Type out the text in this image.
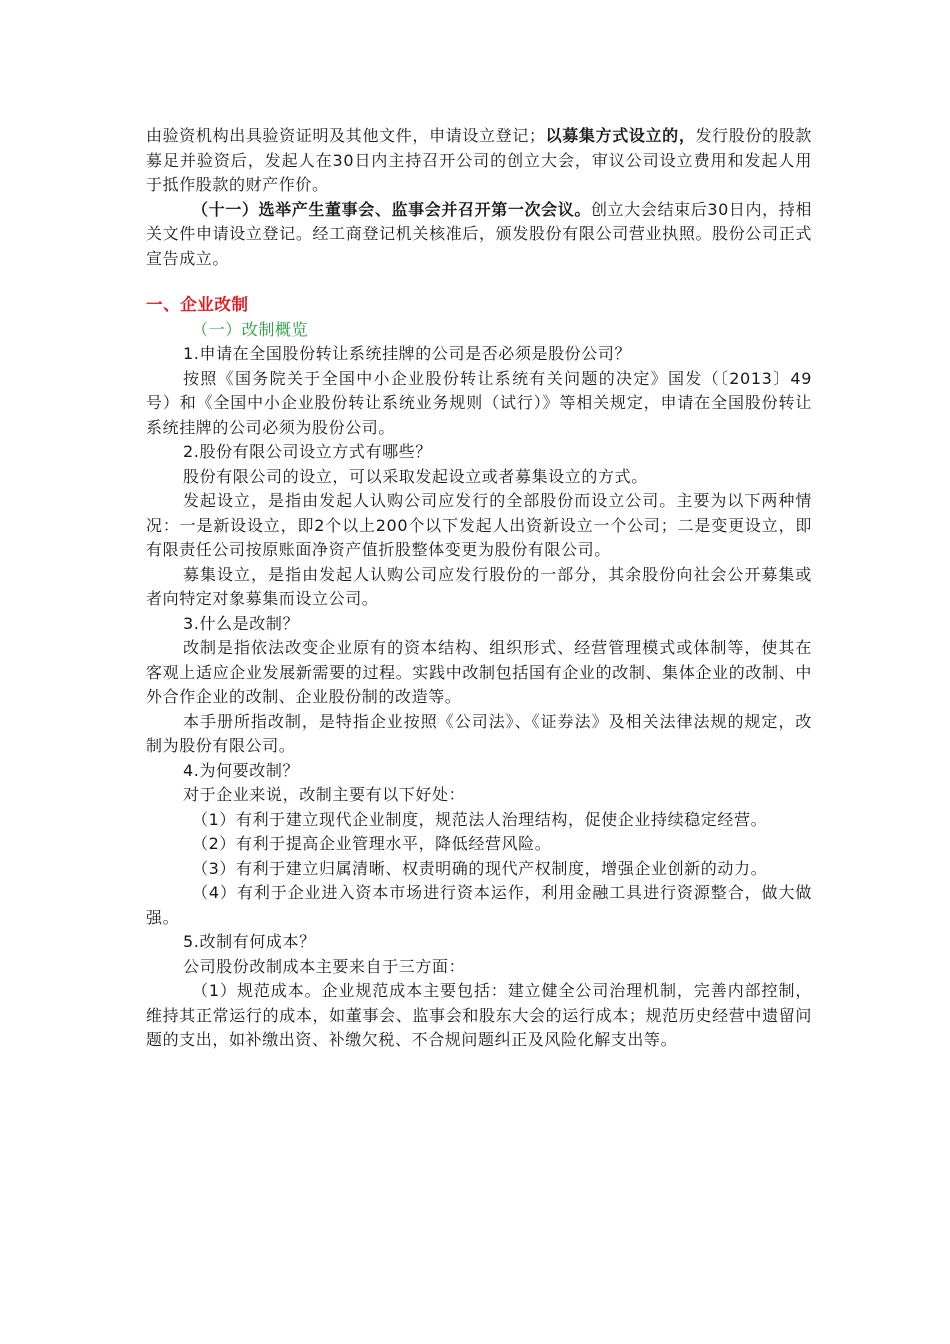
由验资机构出具验资证明及其他文件，申请设立登记；以募集方式设立的，发行股份的股款募足并验资后，发起人在30日内主持召开公司的创立大会，审议公司设立费用和发起人用于抵作股款的财产作价。

（十一）选举产生董事会、监事会并召开第一次会议。创立大会结束后30日内，持相关文件申请设立登记。经工商登记机关核准后，颁发股份有限公司营业执照。股份公司正式宣告成立。

一、企业改制

（一）改制概览

1.申请在全国股份转让系统挂牌的公司是否必须是股份公司？

按照《国务院关于全国中小企业股份转让系统有关问题的决定》国发（〔2013〕49号）和《全国中小企业股份转让系统业务规则（试行）》等相关规定，申请在全国股份转让系统挂牌的公司必须为股份公司。

2.股份有限公司设立方式有哪些？

股份有限公司的设立，可以采取发起设立或者募集设立的方式。

发起设立，是指由发起人认购公司应发行的全部股份而设立公司。主要为以下两种情况：一是新设设立，即2个以上200个以下发起人出资新设立一个公司；二是变更设立，即有限责任公司按原账面净资产值折股整体变更为股份有限公司。

募集设立，是指由发起人认购公司应发行股份的一部分，其余股份向社会公开募集或者向特定对象募集而设立公司。

3.什么是改制？

改制是指依法改变企业原有的资本结构、组织形式、经营管理模式或体制等，使其在客观上适应企业发展新需要的过程。实践中改制包括国有企业的改制、集体企业的改制、中外合作企业的改制、企业股份制的改造等。

本手册所指改制，是特指企业按照《公司法》、《证券法》及相关法律法规的规定，改制为股份有限公司。

4.为何要改制？

对于企业来说，改制主要有以下好处：

（1）有利于建立现代企业制度，规范法人治理结构，促使企业持续稳定经营。

（2）有利于提高企业管理水平，降低经营风险。

（3）有利于建立归属清晰、权责明确的现代产权制度，增强企业创新的动力。

（4）有利于企业进入资本市场进行资本运作，利用金融工具进行资源整合，做大做强。

5.改制有何成本？

公司股份改制成本主要来自于三方面：

（1）规范成本。企业规范成本主要包括：建立健全公司治理机制，完善内部控制，维持其正常运行的成本，如董事会、监事会和股东大会的运行成本；规范历史经营中遗留问题的支出，如补缴出资、补缴欠税、不合规问题纠正及风险化解支出等。
